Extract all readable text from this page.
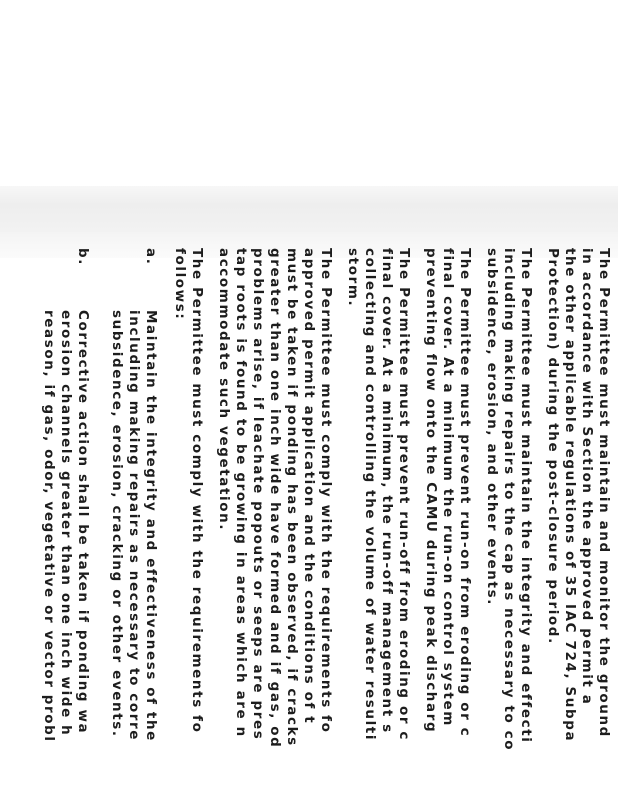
The Permittee must maintain and monitor the ground
in accordance with Section the approved permit a
the other applicable regulations of 35 IAC 724, Subpa
Protection) during the post-closure period.
The Permittee must maintain the integrity and effecti
including making repairs to the cap as necessary to co
subsidence, erosion, and other events.
The Permittee must prevent run-on from eroding or c
final cover. At a minimum the run-on control system
preventing flow onto the CAMU during peak discharg
The Permittee must prevent run-off from eroding or c
final cover. At a minimum, the run-off management s
collecting and controlling the volume of water resulti
storm.
The Permittee must comply with the requirements fo
approved permit application and the conditions of t
must be taken if ponding has been observed, if cracks
greater than one inch wide have formed and if gas, od
problems arise, if leachate popouts or seeps are pres
tap roots is found to be growing in areas which are n
accommodate such vegetation.
The Permittee must comply with the requirements fo
follows:
a.
Maintain the integrity and effectiveness of the
including making repairs as necessary to corre
subsidence, erosion, cracking or other events.
b.
Corrective action shall be taken if ponding wa
erosion channels greater than one inch wide h
reason, if gas, odor, vegetative or vector probl
